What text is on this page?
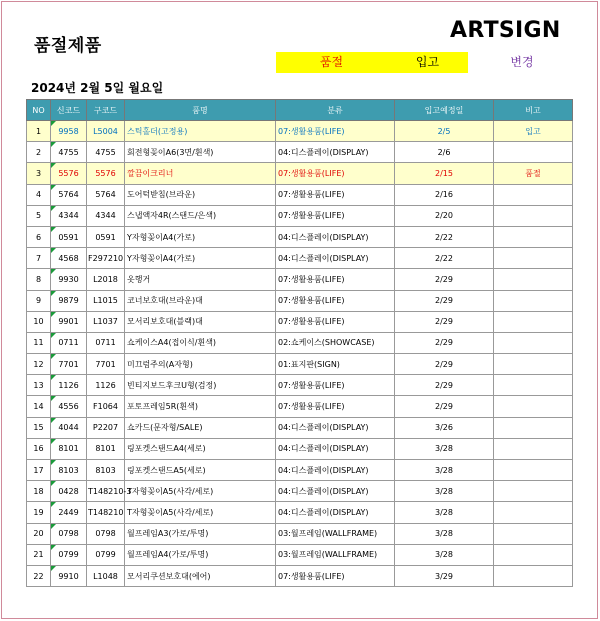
품절제품
ARTSIGN
품절	입고	변경
2024년 2월 5일 월요일
NO	신코드	구코드	품명	분류	입고예정일	비고
1	9958	L5004	스틱홀더(고정용)	07:생활용품(LIFE)	2/5	입고
2	4755	4755	회전형꽂이A6(3면/흰색)	04:디스플레이(DISPLAY)	2/6	
3	5576	5576	깔끔이크리너	07:생활용품(LIFE)	2/15	품절
4	5764	5764	도어턱받침(브라운)	07:생활용품(LIFE)	2/16	
5	4344	4344	스냅액자4R(스탠드/은색)	07:생활용품(LIFE)	2/20	
6	0591	0591	Y자형꽂이A4(가로)	04:디스플레이(DISPLAY)	2/22	
7	4568	F297210	Y자형꽂이A4(가로)	04:디스플레이(DISPLAY)	2/22	
8	9930	L2018	옷행거	07:생활용품(LIFE)	2/29	
9	9879	L1015	코너보호대(브라운)대	07:생활용품(LIFE)	2/29	
10	9901	L1037	모서리보호대(블랙)대	07:생활용품(LIFE)	2/29	
11	0711	0711	쇼케이스A4(접이식/흰색)	02:쇼케이스(SHOWCASE)	2/29	
12	7701	7701	미끄럼주의(A자형)	01:표지판(SIGN)	2/29	
13	1126	1126	빈티지보드후크U형(검정)	07:생활용품(LIFE)	2/29	
14	4556	F1064	포토프레임5R(흰색)	07:생활용품(LIFE)	2/29	
15	4044	P2207	쇼카드(문자형/SALE)	04:디스플레이(DISPLAY)	3/26	
16	8101	8101	링포켓스탠드A4(세로)	04:디스플레이(DISPLAY)	3/28	
17	8103	8103	링포켓스탠드A5(세로)	04:디스플레이(DISPLAY)	3/28	
18	0428	T148210-3	T자형꽂이A5(사각/세로)	04:디스플레이(DISPLAY)	3/28	
19	2449	T148210	T자형꽂이A5(사각/세로)	04:디스플레이(DISPLAY)	3/28	
20	0798	0798	월프레임A3(가로/투명)	03:월프레임(WALLFRAME)	3/28	
21	0799	0799	월프레임A4(가로/투명)	03:월프레임(WALLFRAME)	3/28	
22	9910	L1048	모서리쿠션보호대(에어)	07:생활용품(LIFE)	3/29	
